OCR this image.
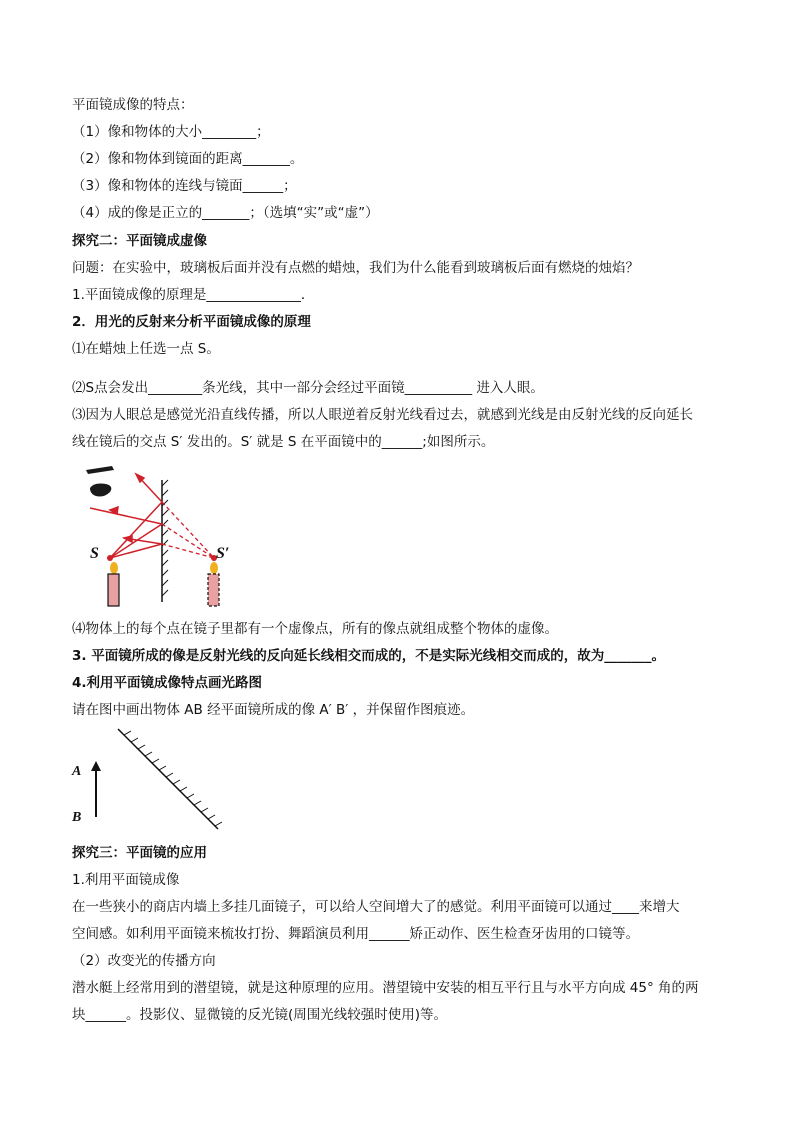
平面镜成像的特点：
（1）像和物体的大小________；
（2）像和物体到镜面的距离_______。
（3）像和物体的连线与镜面______；
（4）成的像是正立的_______；（选填“实”或“虚”）
探究二：平面镜成虚像
问题：在实验中，玻璃板后面并没有点燃的蜡烛，我们为什么能看到玻璃板后面有燃烧的烛焰？
1.平面镜成像的原理是______________．
2．用光的反射来分析平面镜成像的原理
⑴在蜡烛上任选一点 S。
⑵S点会发出________条光线，其中一部分会经过平面镜__________ 进入人眼。
⑶因为人眼总是感觉光沿直线传播，所以人眼逆着反射光线看过去，就感到光线是由反射光线的反向延长
线在镜后的交点 S′ 发出的。S′ 就是 S 在平面镜中的______;如图所示。
S	S′
⑷物体上的每个点在镜子里都有一个虚像点，所有的像点就组成整个物体的虚像。
3. 平面镜所成的像是反射光线的反向延长线相交而成的，不是实际光线相交而成的，故为_______。
4.利用平面镜成像特点画光路图
请在图中画出物体 AB 经平面镜所成的像 A′ B′ ，并保留作图痕迹。
A
B
探究三：平面镜的应用
1.利用平面镜成像
在一些狭小的商店内墙上多挂几面镜子，可以给人空间增大了的感觉。利用平面镜可以通过____来增大
空间感。如利用平面镜来梳妆打扮、舞蹈演员利用______矫正动作、医生检查牙齿用的口镜等。
（2）改变光的传播方向
潜水艇上经常用到的潜望镜，就是这种原理的应用。潜望镜中安装的相互平行且与水平方向成 45° 角的两
块______。投影仪、显微镜的反光镜(周围光线较强时使用)等。
